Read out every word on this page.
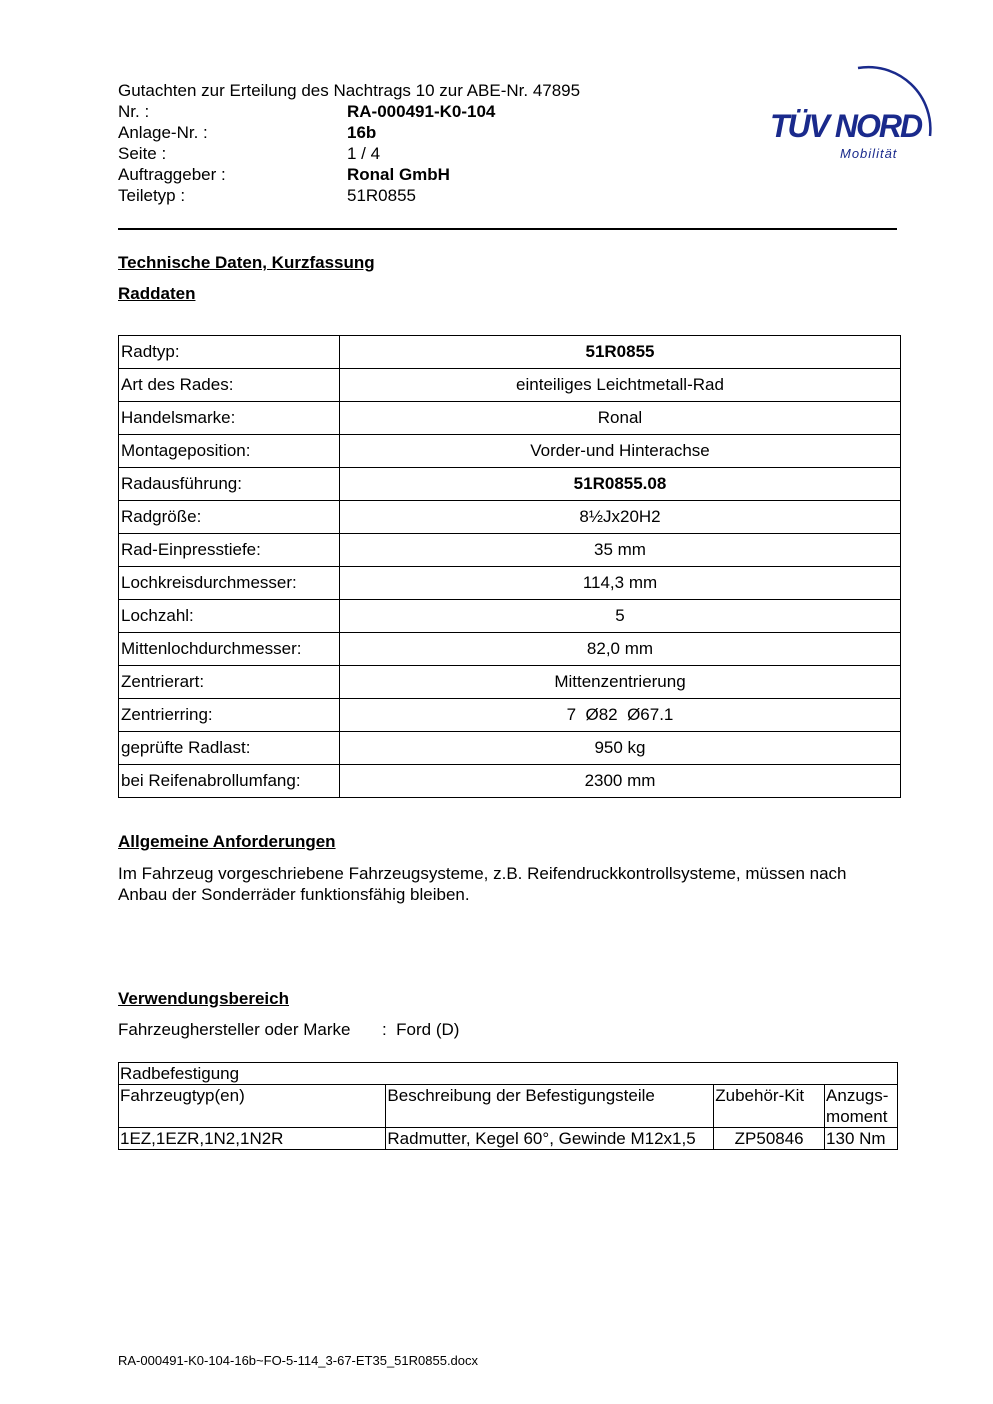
Gutachten zur Erteilung des Nachtrags 10 zur ABE-Nr. 47895
Nr. :	RA-000491-K0-104
Anlage-Nr. :	16b
Seite :	1 / 4
Auftraggeber :	Ronal GmbH
Teiletyp :	51R0855
TÜV NORD
Mobilität
Technische Daten, Kurzfassung
Raddaten
Radtyp:	51R0855
Art des Rades:	einteiliges Leichtmetall-Rad
Handelsmarke:	Ronal
Montageposition:	Vorder-und Hinterachse
Radausführung:	51R0855.08
Radgröße:	8½Jx20H2
Rad-Einpresstiefe:	35 mm
Lochkreisdurchmesser:	114,3 mm
Lochzahl:	5
Mittenlochdurchmesser:	82,0 mm
Zentrierart:	Mittenzentrierung
Zentrierring:	7  Ø82  Ø67.1
geprüfte Radlast:	950 kg
bei Reifenabrollumfang:	2300 mm
Allgemeine Anforderungen
Im Fahrzeug vorgeschriebene Fahrzeugsysteme, z.B. Reifendruckkontrollsysteme, müssen nach Anbau der Sonderräder funktionsfähig bleiben.
Verwendungsbereich
Fahrzeughersteller oder Marke :  Ford (D)
Radbefestigung			
Fahrzeugtyp(en)	Beschreibung der Befestigungsteile	Zubehör-Kit	Anzugs-moment
1EZ,1EZR,1N2,1N2R	Radmutter, Kegel 60°, Gewinde M12x1,5	ZP50846	130 Nm
RA-000491-K0-104-16b~FO-5-114_3-67-ET35_51R0855.docx
